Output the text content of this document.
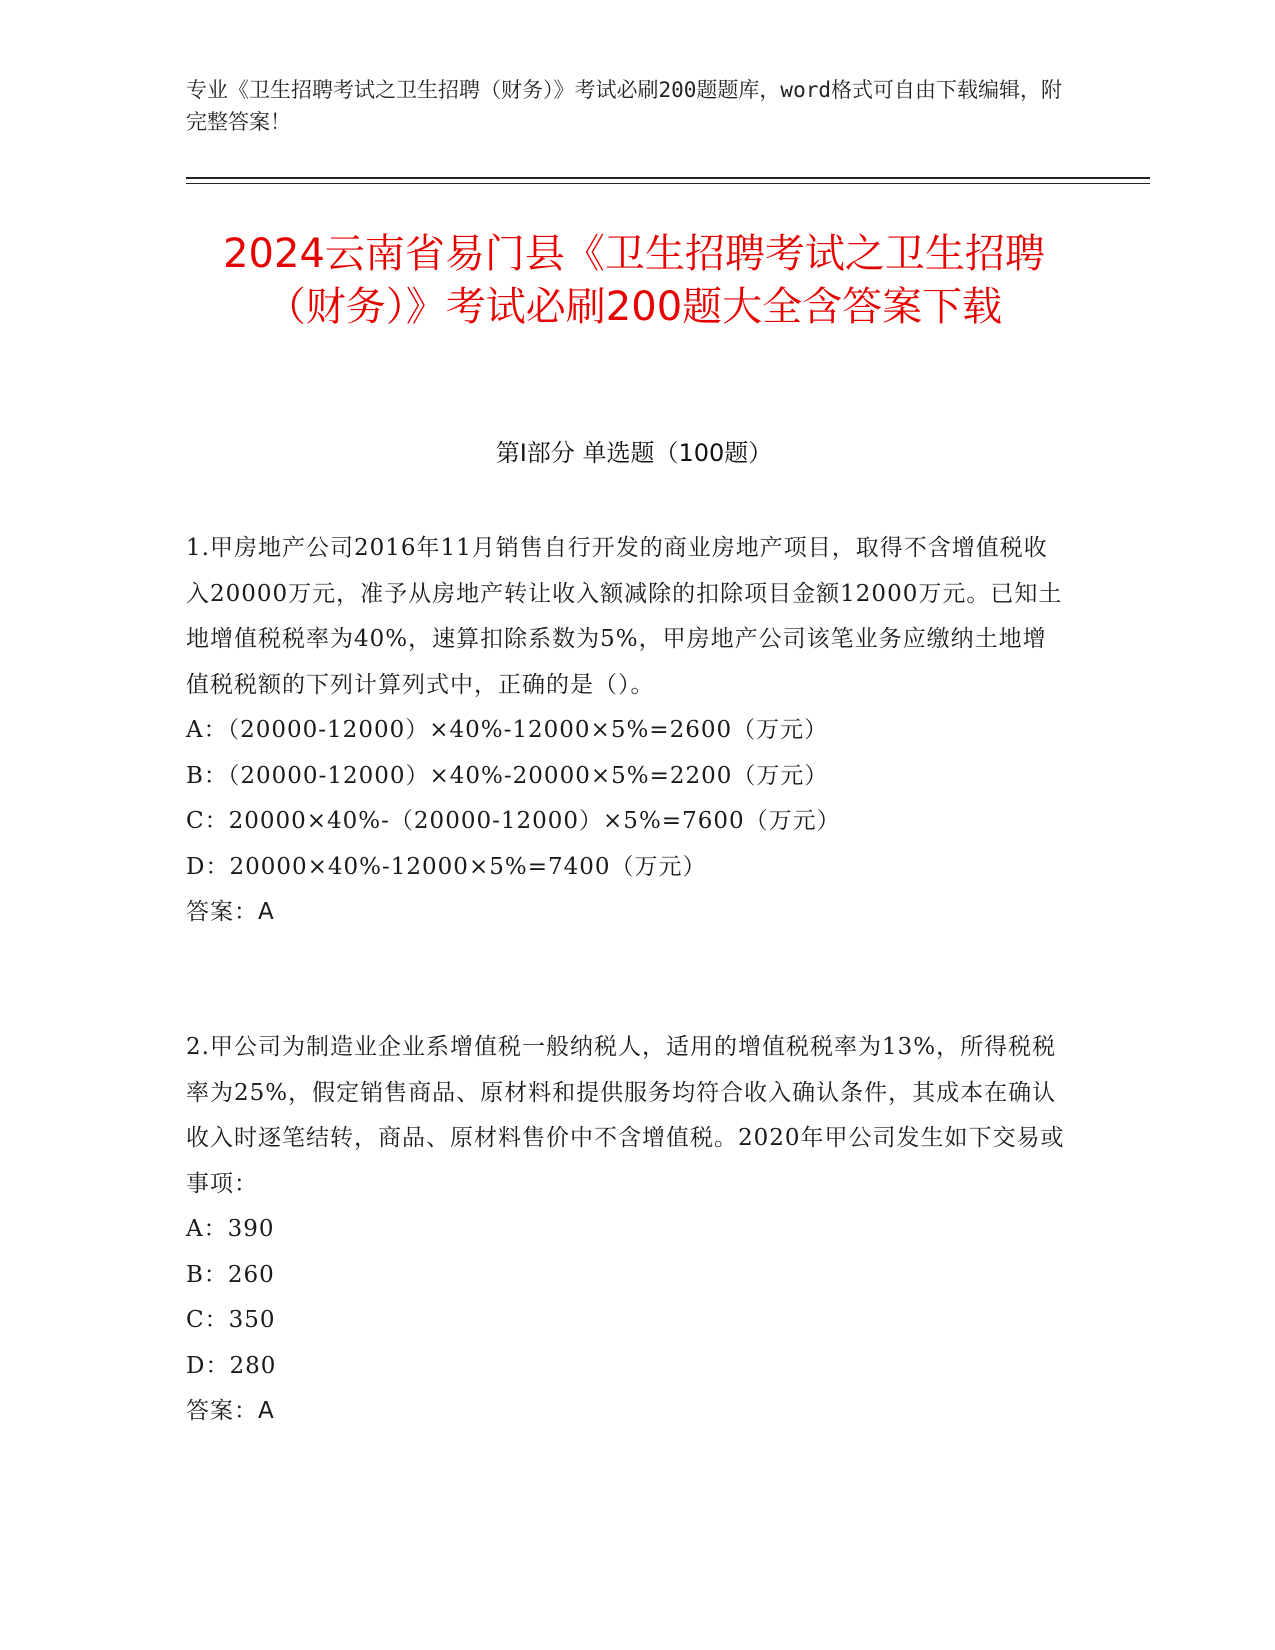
专业《卫生招聘考试之卫生招聘（财务）》考试必刷200题题库，word格式可自由下载编辑，附完整答案！
2024云南省易门县《卫生招聘考试之卫生招聘（财务）》考试必刷200题大全含答案下载
第Ⅰ部分 单选题（100题）

1.甲房地产公司2016年11月销售自行开发的商业房地产项目，取得不含增值税收入20000万元，准予从房地产转让收入额减除的扣除项目金额12000万元。已知土地增值税税率为40%，速算扣除系数为5%，甲房地产公司该笔业务应缴纳土地增值税税额的下列计算列式中，正确的是（）。

A：（20000-12000）×40%-12000×5%=2600（万元）

B：（20000-12000）×40%-20000×5%=2200（万元）

C：20000×40%-（20000-12000）×5%=7600（万元）

D：20000×40%-12000×5%=7400（万元）

答案：A

2.甲公司为制造业企业系增值税一般纳税人，适用的增值税税率为13%，所得税税率为25%，假定销售商品、原材料和提供服务均符合收入确认条件，其成本在确认收入时逐笔结转，商品、原材料售价中不含增值税。2020年甲公司发生如下交易或事项：

A：390

B：260

C：350

D：280

答案：A
